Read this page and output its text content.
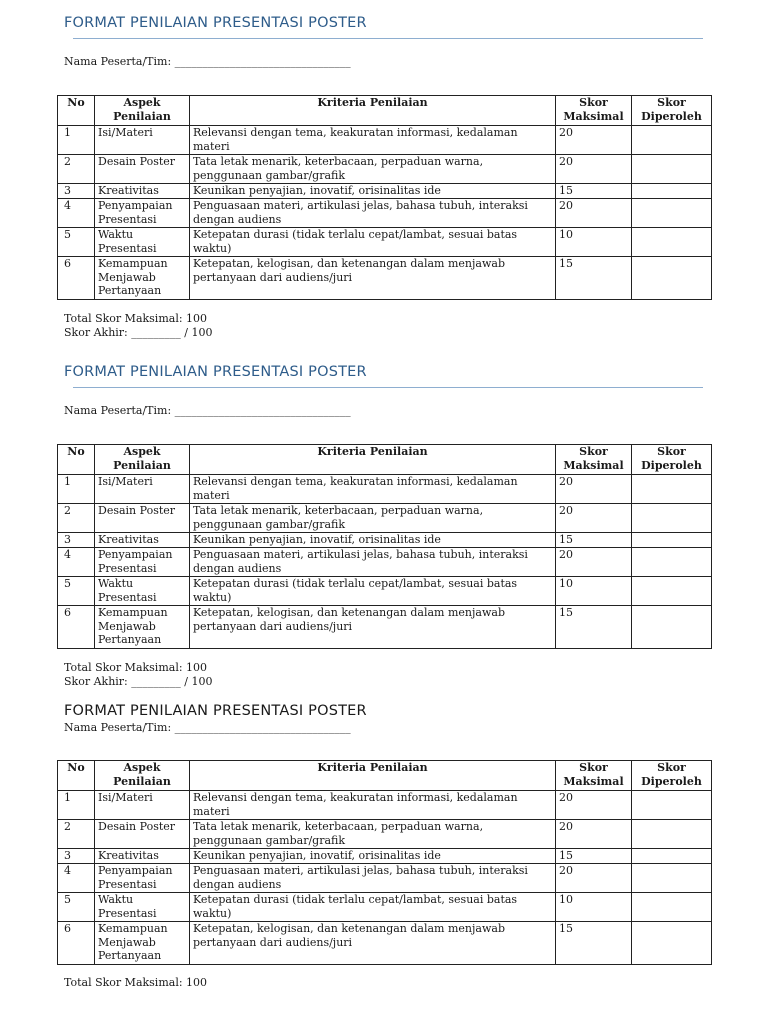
FORMAT PENILAIAN PRESENTASI POSTER
Nama Peserta/Tim: ________________________________
No	Aspek Penilaian	Kriteria Penilaian	Skor Maksimal	Skor Diperoleh
1	Isi/Materi	Relevansi dengan tema, keakuratan informasi, kedalaman materi	20	
2	Desain Poster	Tata letak menarik, keterbacaan, perpaduan warna, penggunaan gambar/grafik	20	
3	Kreativitas	Keunikan penyajian, inovatif, orisinalitas ide	15	
4	Penyampaian Presentasi	Penguasaan materi, artikulasi jelas, bahasa tubuh, interaksi dengan audiens	20	
5	Waktu Presentasi	Ketepatan durasi (tidak terlalu cepat/lambat, sesuai batas waktu)	10	
6	Kemampuan Menjawab Pertanyaan	Ketepatan, kelogisan, dan ketenangan dalam menjawab pertanyaan dari audiens/juri	15	
Total Skor Maksimal: 100
Skor Akhir: _________ / 100
FORMAT PENILAIAN PRESENTASI POSTER
Nama Peserta/Tim: ________________________________
No	Aspek Penilaian	Kriteria Penilaian	Skor Maksimal	Skor Diperoleh
1	Isi/Materi	Relevansi dengan tema, keakuratan informasi, kedalaman materi	20	
2	Desain Poster	Tata letak menarik, keterbacaan, perpaduan warna, penggunaan gambar/grafik	20	
3	Kreativitas	Keunikan penyajian, inovatif, orisinalitas ide	15	
4	Penyampaian Presentasi	Penguasaan materi, artikulasi jelas, bahasa tubuh, interaksi dengan audiens	20	
5	Waktu Presentasi	Ketepatan durasi (tidak terlalu cepat/lambat, sesuai batas waktu)	10	
6	Kemampuan Menjawab Pertanyaan	Ketepatan, kelogisan, dan ketenangan dalam menjawab pertanyaan dari audiens/juri	15	
Total Skor Maksimal: 100
Skor Akhir: _________ / 100
FORMAT PENILAIAN PRESENTASI POSTER
Nama Peserta/Tim: ________________________________
No	Aspek Penilaian	Kriteria Penilaian	Skor Maksimal	Skor Diperoleh
1	Isi/Materi	Relevansi dengan tema, keakuratan informasi, kedalaman materi	20	
2	Desain Poster	Tata letak menarik, keterbacaan, perpaduan warna, penggunaan gambar/grafik	20	
3	Kreativitas	Keunikan penyajian, inovatif, orisinalitas ide	15	
4	Penyampaian Presentasi	Penguasaan materi, artikulasi jelas, bahasa tubuh, interaksi dengan audiens	20	
5	Waktu Presentasi	Ketepatan durasi (tidak terlalu cepat/lambat, sesuai batas waktu)	10	
6	Kemampuan Menjawab Pertanyaan	Ketepatan, kelogisan, dan ketenangan dalam menjawab pertanyaan dari audiens/juri	15	
Total Skor Maksimal: 100
